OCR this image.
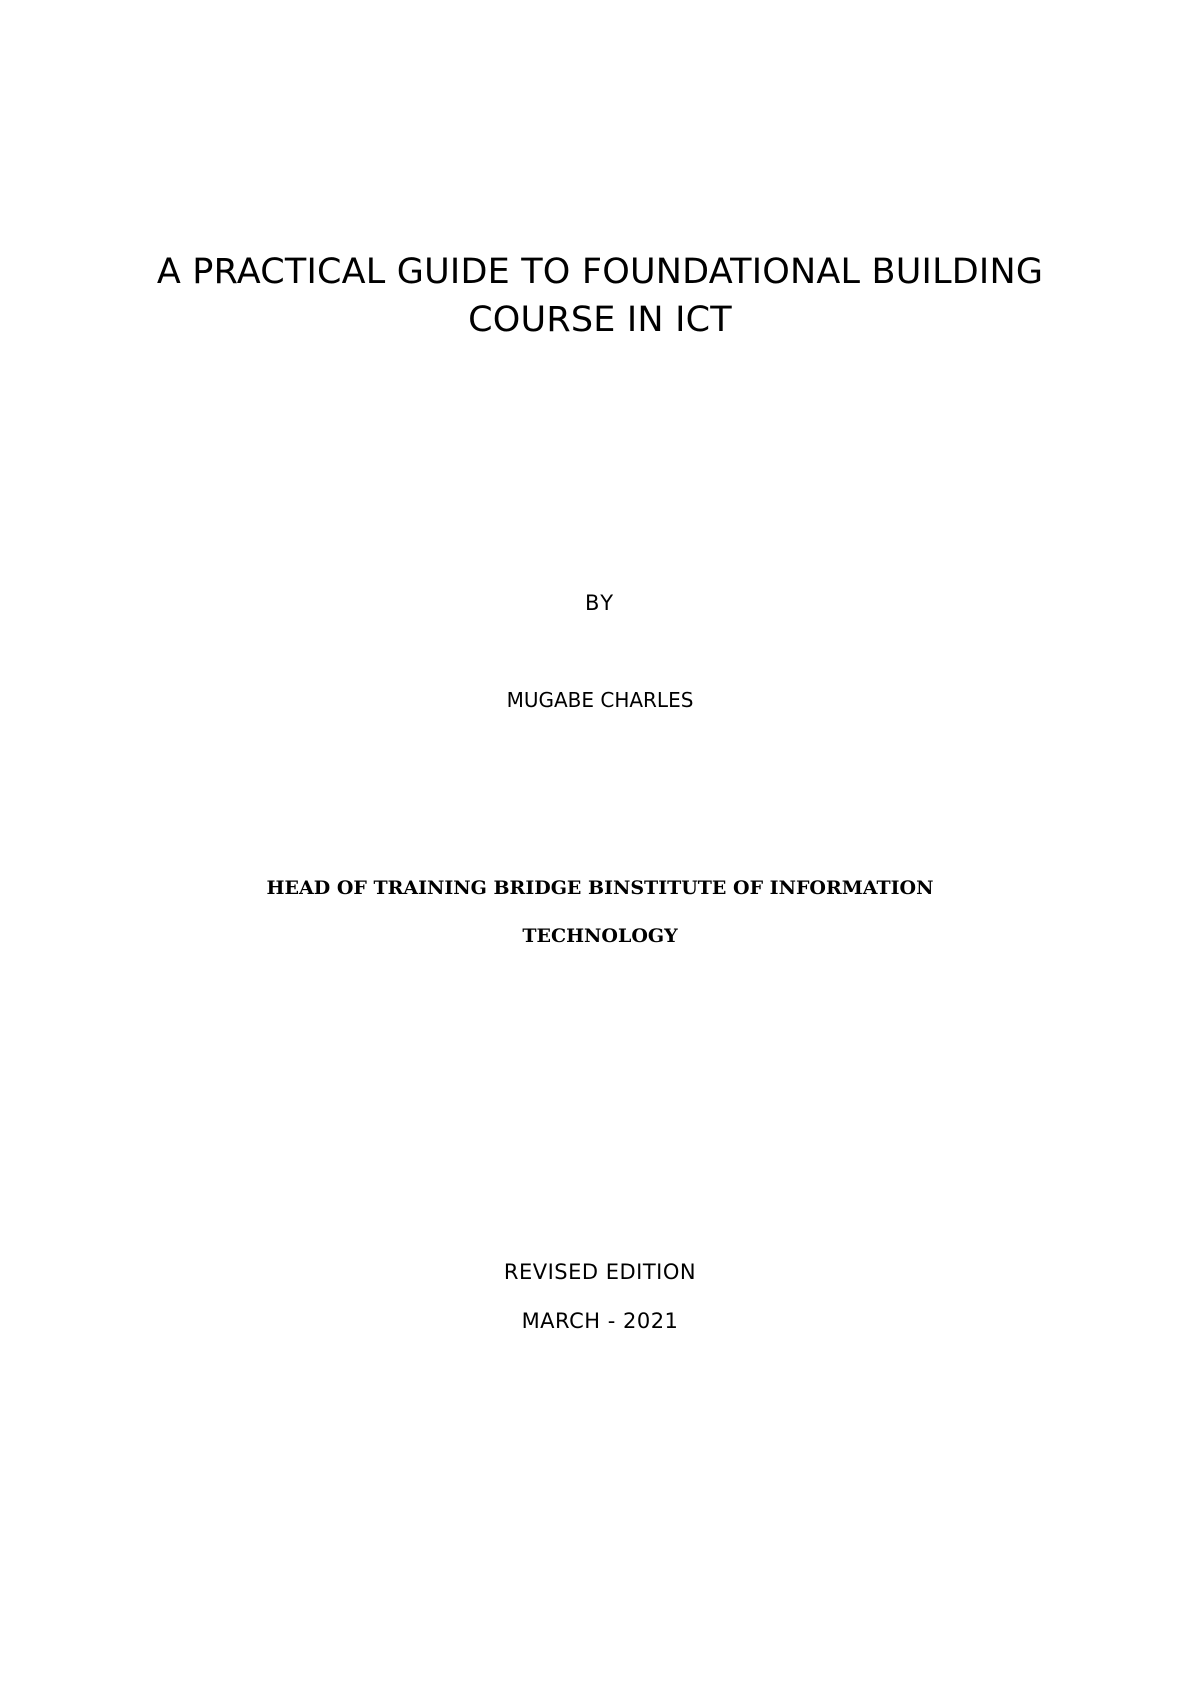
A PRACTICAL GUIDE TO FOUNDATIONAL BUILDING
COURSE IN ICT
BY
MUGABE CHARLES
HEAD OF TRAINING BRIDGE BINSTITUTE OF INFORMATION
TECHNOLOGY
REVISED EDITION
MARCH - 2021
